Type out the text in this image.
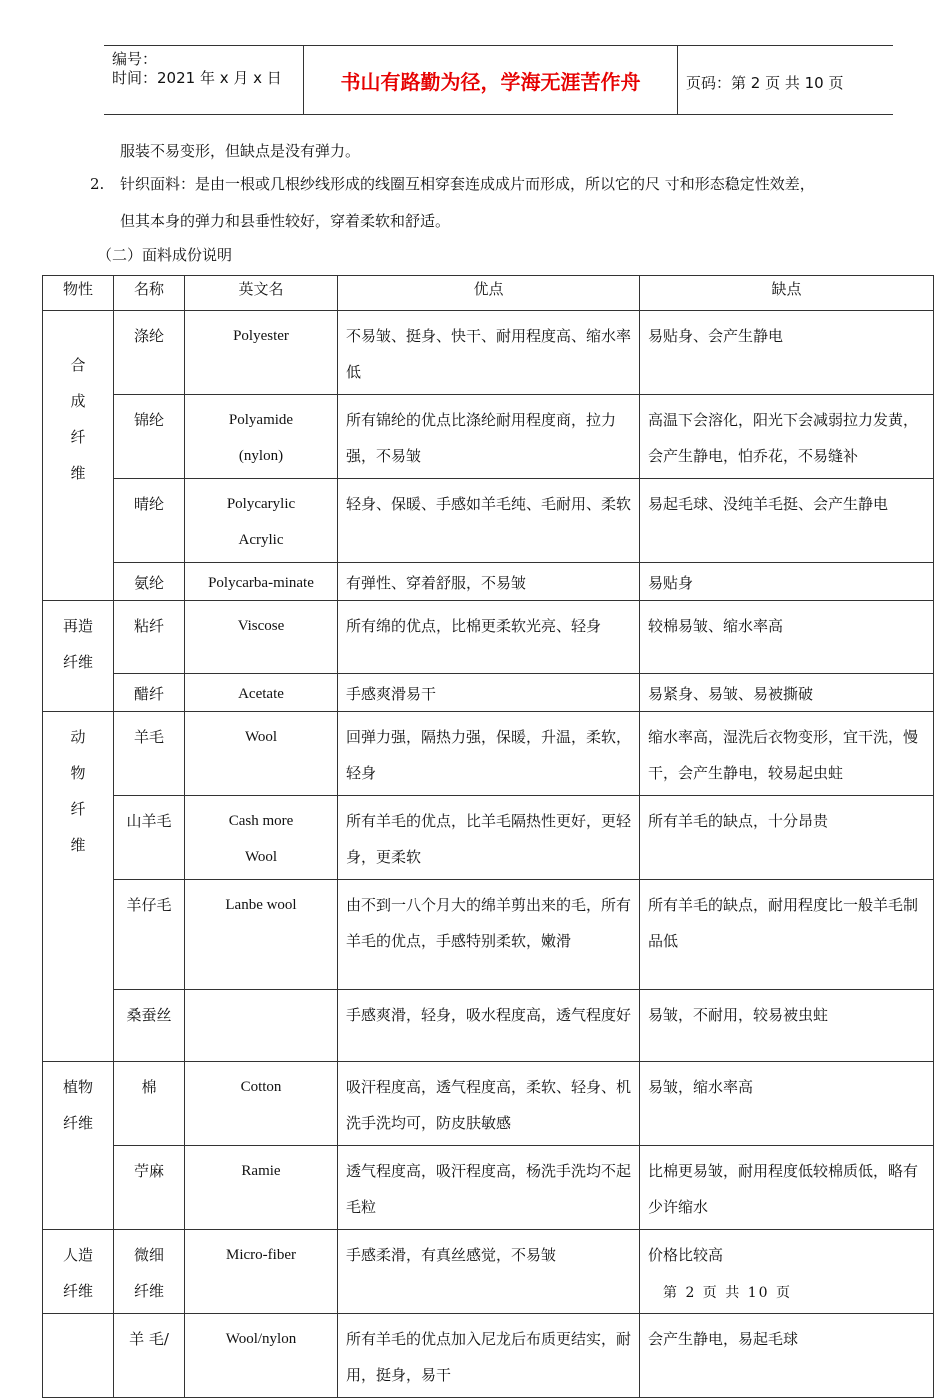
编号：
时间：2021 年 x 月 x 日	书山有路勤为径，学海无涯苦作舟	页码：第 2 页 共 10 页
服装不易变形，但缺点是没有弹力。
2. 针织面料：是由一根或几根纱线形成的线圈互相穿套连成成片而形成，所以它的尺 寸和形态稳定性效差，
但其本身的弹力和县垂性较好，穿着柔软和舒适。
（二）面料成份说明
物性	名称	英文名	优点	缺点

合成纤维	涤纶	Polyester	不易皱、挺身、快干、耐用程度高、缩水率低	易贴身、会产生静电
	锦纶	Polyamide (nylon)	所有锦纶的优点比涤纶耐用程度商，拉力强，不易皱	高温下会溶化，阳光下会减弱拉力发黄，会产生静电，怕乔花，不易缝补
	晴纶	Polycarylic Acrylic	轻身、保暖、手感如羊毛纯、毛耐用、柔软	易起毛球、没纯羊毛挺、会产生静电
	氨纶	Polycarba-minate	有弹性、穿着舒服，不易皱	易贴身

再造纤维	粘纤	Viscose	所有绵的优点，比棉更柔软光亮、轻身	较棉易皱、缩水率高
	醋纤	Acetate	手感爽滑易干	易紧身、易皱、易被撕破

动物纤维	羊毛	Wool	回弹力强，隔热力强，保暖，升温，柔软，轻身	缩水率高，湿洗后衣物变形，宜干洗，慢干，会产生静电，较易起虫蛀
	山羊毛	Cash more Wool	所有羊毛的优点，比羊毛隔热性更好，更轻身，更柔软	所有羊毛的缺点，十分昂贵
	羊仔毛	Lanbe wool	由不到一八个月大的绵羊剪出来的毛，所有羊毛的优点，手感特别柔软，嫩滑	所有羊毛的缺点，耐用程度比一般羊毛制品低
	桑蚕丝		手感爽滑，轻身，吸水程度高，透气程度好	易皱，不耐用，较易被虫蛀

植物纤维	棉	Cotton	吸汗程度高，透气程度高，柔软、轻身、机洗手洗均可，防皮肤敏感	易皱，缩水率高
	苧麻	Ramie	透气程度高，吸汗程度高，杨洗手洗均不起毛粒	比棉更易皱，耐用程度低较棉质低，略有少许缩水

人造纤维	微细纤维	Micro-fiber	手感柔滑，有真丝感觉，不易皱	价格比较高
	羊 毛/	Wool/nylon	所有羊毛的优点加入尼龙后布质更结实，耐用，挺身，易干	会产生静电，易起毛球
第 2 页 共 10 页
